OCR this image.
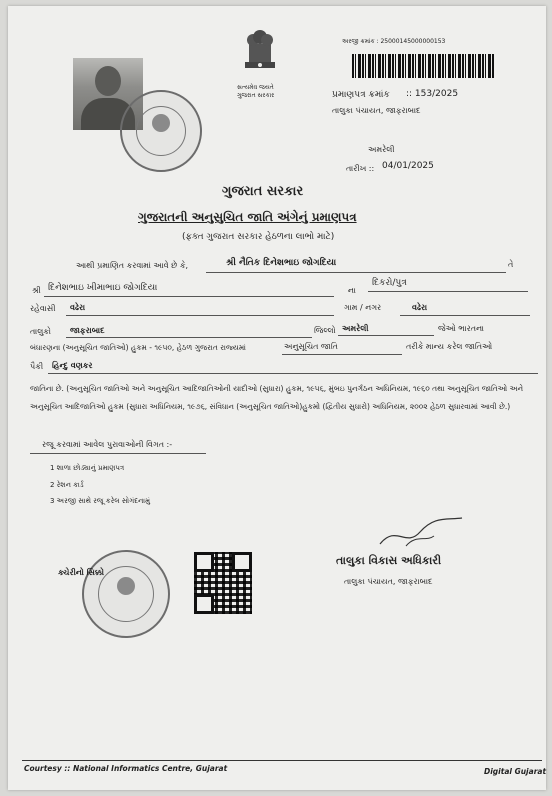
સત્યમેવ જયતે
ગુજરાત સરકાર
અરજી ક્રમાંક : 25000145000000153
પ્રમાણપત્ર ક્રમાંક :: 153/2025
તાલુકા પંચાયત, જાફરાબાદ
અમરેલી
તારીખ :: 04/01/2025
ગુજરાત સરકાર
ગુજરાતની અનુસુચિત જાતિ અંગેનું પ્રમાણપત્ર
(ફક્ત ગુજરાત સરકાર હેઠળના લાભો માટે)
આથી પ્રમાણિત કરવામાં આવે છે કે,	શ્રી નૈતિક દિનેશભાઇ જોગદિયા	તે
શ્રી દિનેશભાઇ ખીમાભાઇ જોગદિયા	ના
દિકરો/પુત્ર
રહેવાસી વઢેરા	ગામ / નગર	વઢેરા
તાલુકો જાફરાબાદ	જિલ્લો અમરેલી	જેઓ ભારતના
બંધારણના (અનુસૂચિત જાતિઓ) હુકમ - ૧૯૫૦, હેઠળ ગુજરાત રાજ્યમાં	અનુસૂચિત જાતિ	તરીકે માન્ય કરેલ જાતિઓ
પૈકી હિન્દુ વણકર
જાતિના છે. (અનુસૂચિત જાતિઓ અને અનુસૂચિત આદિજાતિઓની યાદીઓ (સુધારા) હુકમ, ૧૯૫૬, મુંબઇ પુનર્ગઠન અધિનિયમ, ૧૯૬૦ તથા અનુસૂચિત જાતિઓ અને અનુસૂચિત આદિજાતિઓ હુકમ (સુધારા અધિનિયમ, ૧૯૭૬, સંવિધાન (અનુસૂચિત જાતિઓ)હુકમો (દ્વિતીય સુધારો) અધિનિયમ, ૨૦૦૨ હેઠળ સુધારવામાં આવી છે.)
રજૂ કરવામાં આવેલ પુરાવાઓની વિગત :-
1 શાળા છોડ્યાનું પ્રમાણપત્ર
2 રેશન કાર્ડ
3 અરજી સાથે રજૂ કરેલ સોગંદનામું
ક્ચેરીનો સિક્કો
તાલુકા વિકાસ અધિકારી
તાલુકા પંચાયત, જાફરાબાદ
Courtesy :: National Informatics Centre, Gujarat	Digital Gujarat
